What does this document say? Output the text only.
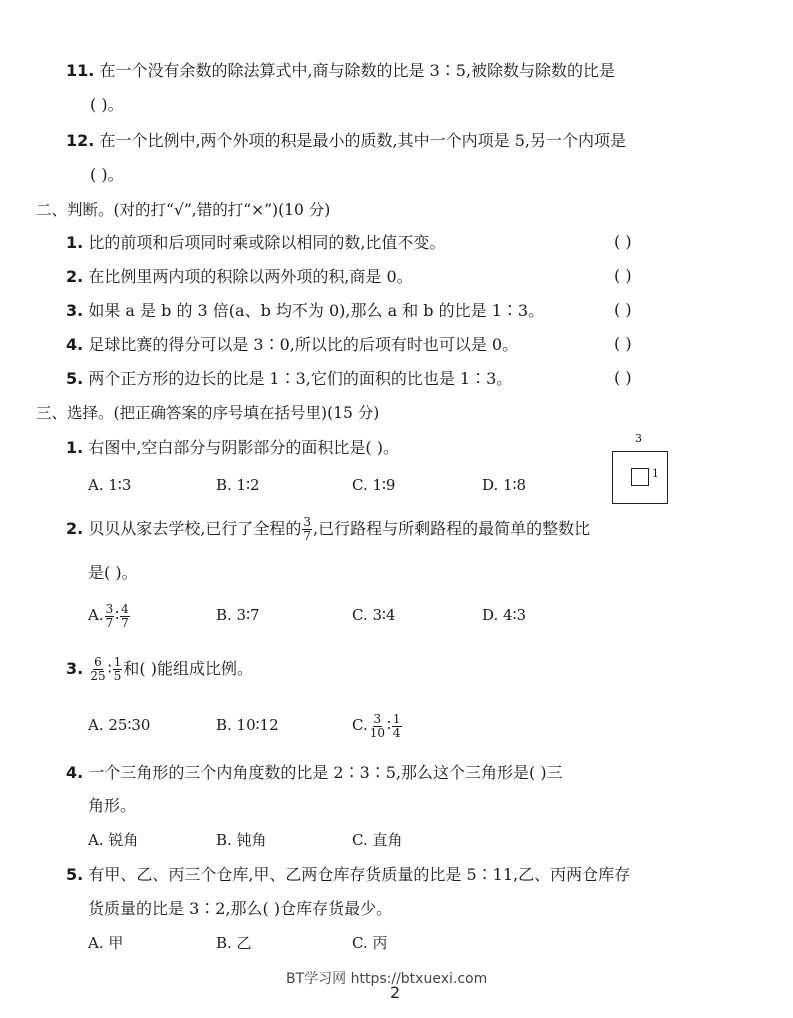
11. 在一个没有余数的除法算式中,商与除数的比是 3∶5,被除数与除数的比是
( )。
12. 在一个比例中,两个外项的积是最小的质数,其中一个内项是 5,另一个内项是
( )。
二、判断。(对的打“√”,错的打“×”)(10 分)
1. 比的前项和后项同时乘或除以相同的数,比值不变。	( )
2. 在比例里两内项的积除以两外项的积,商是 0。	( )
3. 如果 a 是 b 的 3 倍(a、b 均不为 0),那么 a 和 b 的比是 1∶3。	( )
4. 足球比赛的得分可以是 3∶0,所以比的后项有时也可以是 0。	( )
5. 两个正方形的边长的比是 1∶3,它们的面积的比也是 1∶3。	( )
三、选择。(把正确答案的序号填在括号里)(15 分)
1. 右图中,空白部分与阴影部分的面积比是( )。
A. 1∶3	B. 1∶2	C. 1∶9	D. 1∶8
3
1
2. 贝贝从家去学校,已行了全程的 $\frac{3}{7}$ ,已行路程与所剩路程的最简单的整数比
是( )。
A. $\frac{3}{7}$ ∶ $\frac{4}{7}$	B. 3∶7	C. 3∶4	D. 4∶3
3. $\frac{6}{25}$ ∶ $\frac{1}{5}$ 和( )能组成比例。
A. 25∶30	B. 10∶12	C. $\frac{3}{10}$ ∶ $\frac{1}{4}$
4. 一个三角形的三个内角度数的比是 2∶3∶5,那么这个三角形是( )三
角形。
A. 锐角	B. 钝角	C. 直角
5. 有甲、乙、丙三个仓库,甲、乙两仓库存货质量的比是 5∶11,乙、丙两仓库存
货质量的比是 3∶2,那么( )仓库存货最少。
A. 甲	B. 乙	C. 丙
BT学习网 https://btxuexi.com
2
